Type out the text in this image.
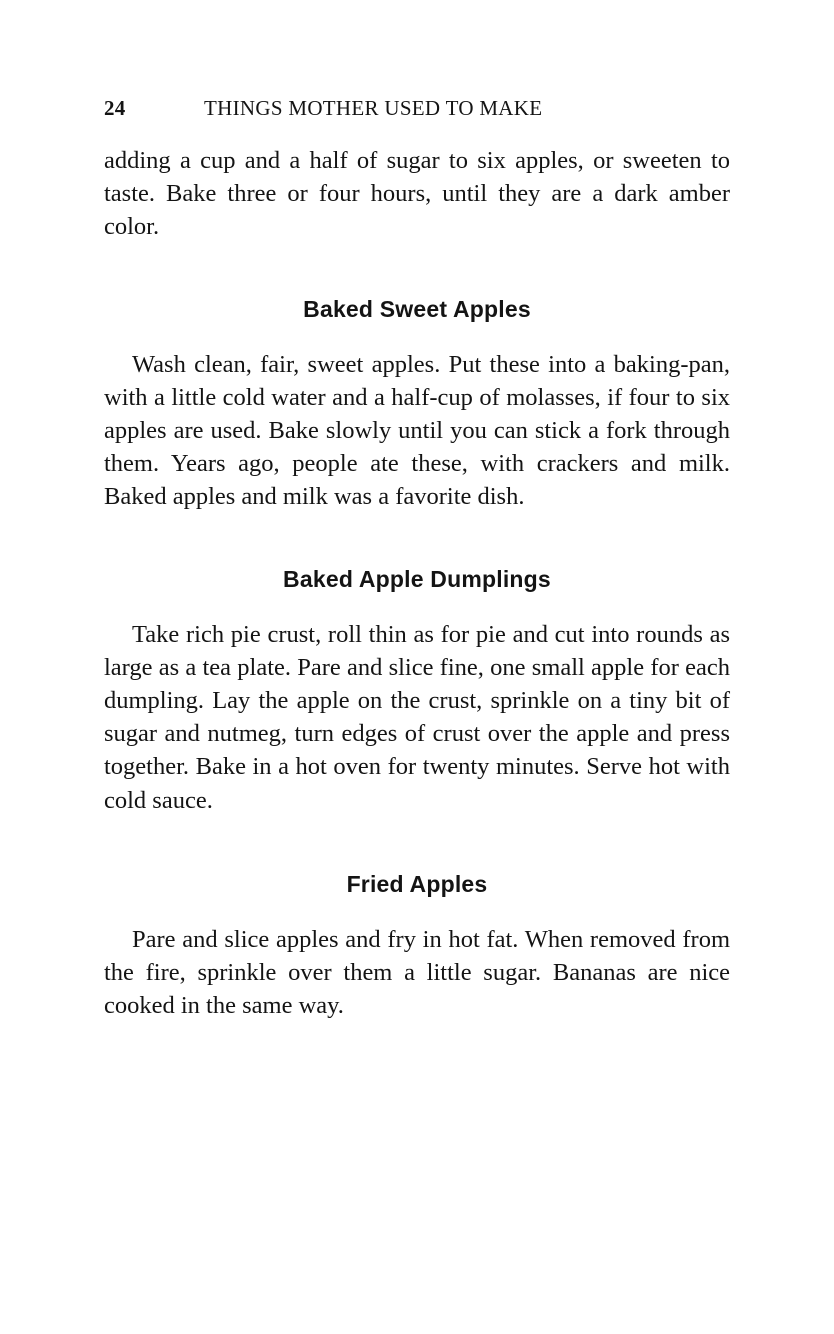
24	THINGS MOTHER USED TO MAKE

adding a cup and a half of sugar to six apples, or sweeten to taste. Bake three or four hours, until they are a dark amber color.

Baked Sweet Apples

Wash clean, fair, sweet apples. Put these into a baking-pan, with a little cold water and a half-cup of molasses, if four to six apples are used. Bake slowly until you can stick a fork through them. Years ago, people ate these, with crackers and milk. Baked apples and milk was a favorite dish.

Baked Apple Dumplings

Take rich pie crust, roll thin as for pie and cut into rounds as large as a tea plate. Pare and slice fine, one small apple for each dumpling. Lay the apple on the crust, sprinkle on a tiny bit of sugar and nutmeg, turn edges of crust over the apple and press together. Bake in a hot oven for twenty minutes. Serve hot with cold sauce.

Fried Apples

Pare and slice apples and fry in hot fat. When removed from the fire, sprinkle over them a little sugar. Bananas are nice cooked in the same way.
